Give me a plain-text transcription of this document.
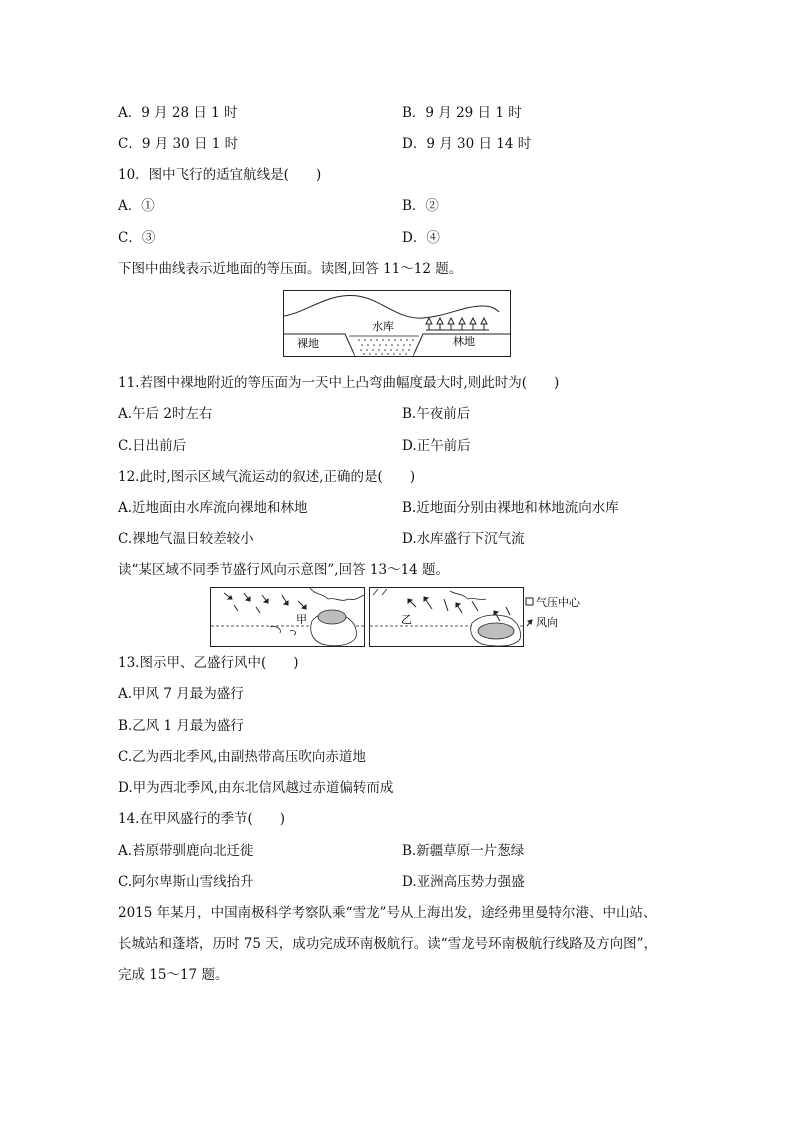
A．9 月 28 日 1 时	B．9 月 29 日 1 时
C．9 月 30 日 1 时	D．9 月 30 日 14 时
10．图中飞行的适宜航线是(　　)
A．①	B．②
C．③	D．④
下图中曲线表示近地面的等压面。读图,回答 11～12 题。
裸地
水库
林地
11.若图中裸地附近的等压面为一天中上凸弯曲幅度最大时,则此时为(　　)
A.午后 2时左右	B.午夜前后
C.日出前后	D.正午前后
12.此时,图示区域气流运动的叙述,正确的是(　　)
A.近地面由水库流向裸地和林地	B.近地面分别由裸地和林地流向水库
C.裸地气温日较差较小	D.水库盛行下沉气流
读“某区域不同季节盛行风向示意图”,回答 13～14 题。
甲	乙
气压中心
风向
13.图示甲、乙盛行风中(　　)
A.甲风 7 月最为盛行
B.乙风 1 月最为盛行
C.乙为西北季风,由副热带高压吹向赤道地
D.甲为西北季风,由东北信风越过赤道偏转而成
14.在甲风盛行的季节(　　)
A.苔原带驯鹿向北迁徙	B.新疆草原一片葱绿
C.阿尔卑斯山雪线抬升	D.亚洲高压势力强盛
2015 年某月，中国南极科学考察队乘“雪龙”号从上海出发，途经弗里曼特尔港、中山站、
长城站和蓬塔，历时 75 天，成功完成环南极航行。读“雪龙号环南极航行线路及方向图”，
完成 15～17 题。
